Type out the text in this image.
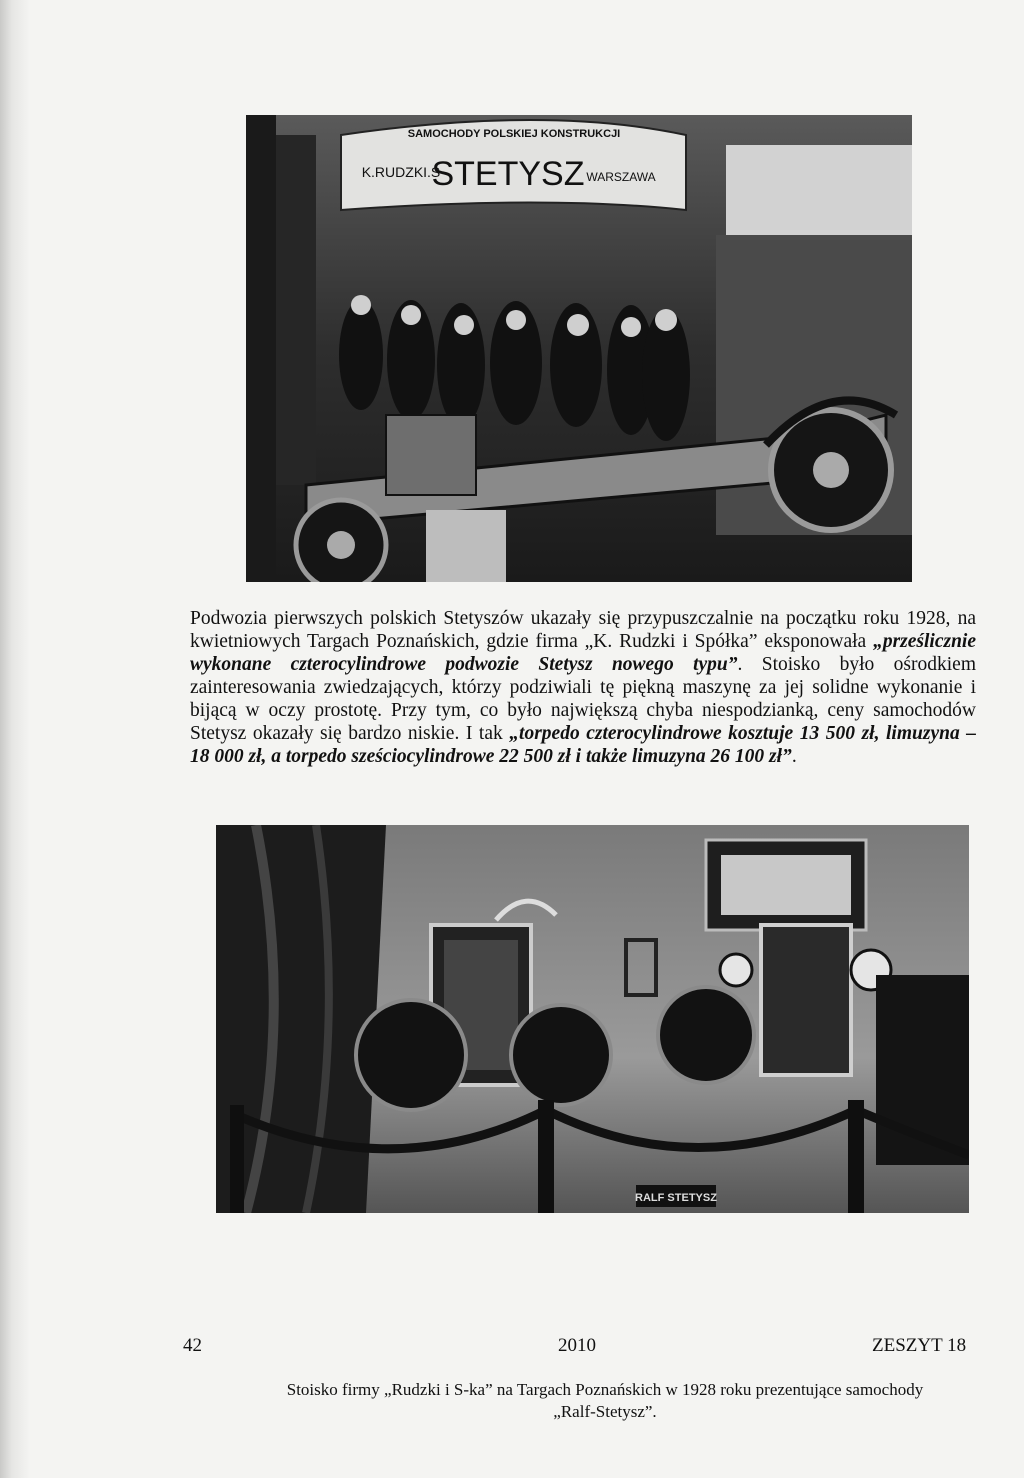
SAMOCHODY POLSKIEJ KONSTRUKCJI
K.RUDZKI.S
STETYSZ WARSZAWA

Podwozia pierwszych polskich Stetyszów ukazały się przypuszczalnie na początku roku 1928, na kwietniowych Targach Poznańskich, gdzie firma „K. Rudzki i Spółka” eksponowała „prześlicznie wykonane czterocylindrowe podwozie Stetysz nowego typu”. Stoisko było ośrodkiem zainteresowania zwiedzających, którzy podziwiali tę piękną maszynę za jej solidne wykonanie i bijącą w oczy prostotę. Przy tym, co było największą chyba niespodzianką, ceny samochodów Stetysz okazały się bardzo niskie. I tak „torpedo czterocylindrowe kosztuje 13 500 zł, limuzyna – 18 000 zł, a torpedo sześciocylindrowe 22 500 zł i także limuzyna 26 100 zł”.

RALF STETYSZ

Stoisko firmy „Rudzki i S-ka” na Targach Poznańskich w 1928 roku prezentujące samochody
„Ralf-Stetysz”.

42	2010	ZESZYT 18
